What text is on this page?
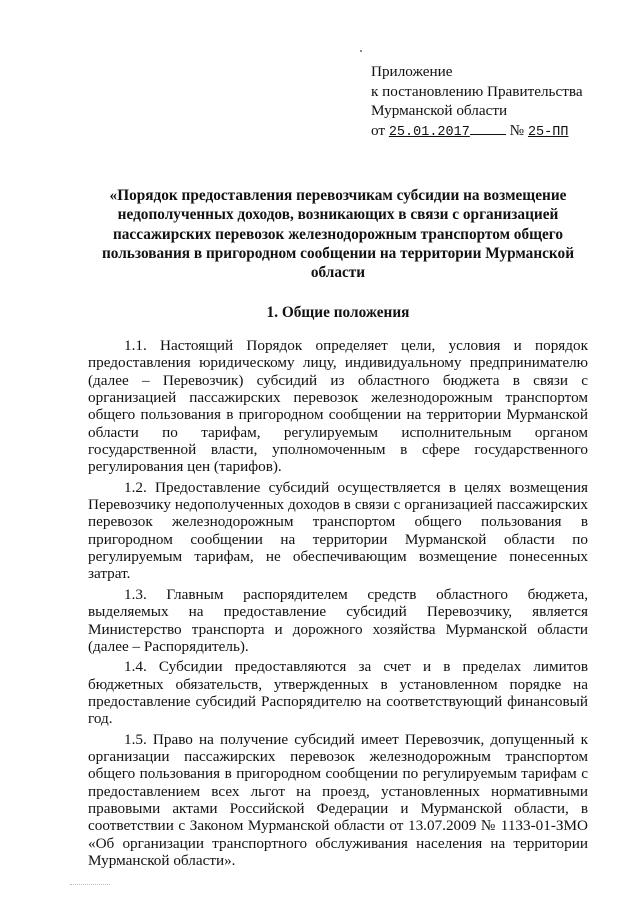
Приложение
к постановлению Правительства
Мурманской области
от 25.01.2017	№ 25-ПП
«Порядок предоставления перевозчикам субсидии на возмещение недополученных доходов, возникающих в связи с организацией пассажирских перевозок железнодорожным транспортом общего пользования в пригородном сообщении на территории Мурманской области
1. Общие положения

1.1. Настоящий Порядок определяет цели, условия и порядок предоставления юридическому лицу, индивидуальному предпринимателю (далее – Перевозчик) субсидий из областного бюджета в связи с организацией пассажирских перевозок железнодорожным транспортом общего пользования в пригородном сообщении на территории Мурманской области по тарифам, регулируемым исполнительным органом государственной власти, уполномоченным в сфере государственного регулирования цен (тарифов).

1.2. Предоставление субсидий осуществляется в целях возмещения Перевозчику недополученных доходов в связи с организацией пассажирских перевозок железнодорожным транспортом общего пользования в пригородном сообщении на территории Мурманской области по регулируемым тарифам, не обеспечивающим возмещение понесенных затрат.

1.3. Главным распорядителем средств областного бюджета, выделяемых на предоставление субсидий Перевозчику, является Министерство транспорта и дорожного хозяйства Мурманской области (далее – Распорядитель).

1.4. Субсидии предоставляются за счет и в пределах лимитов бюджетных обязательств, утвержденных в установленном порядке на предоставление субсидий Распорядителю на соответствующий финансовый год.

1.5. Право на получение субсидий имеет Перевозчик, допущенный к организации пассажирских перевозок железнодорожным транспортом общего пользования в пригородном сообщении по регулируемым тарифам с предоставлением всех льгот на проезд, установленных нормативными правовыми актами Российской Федерации и Мурманской области, в соответствии с Законом Мурманской области от 13.07.2009 № 1133-01-ЗМО «Об организации транспортного обслуживания населения на территории Мурманской области».
